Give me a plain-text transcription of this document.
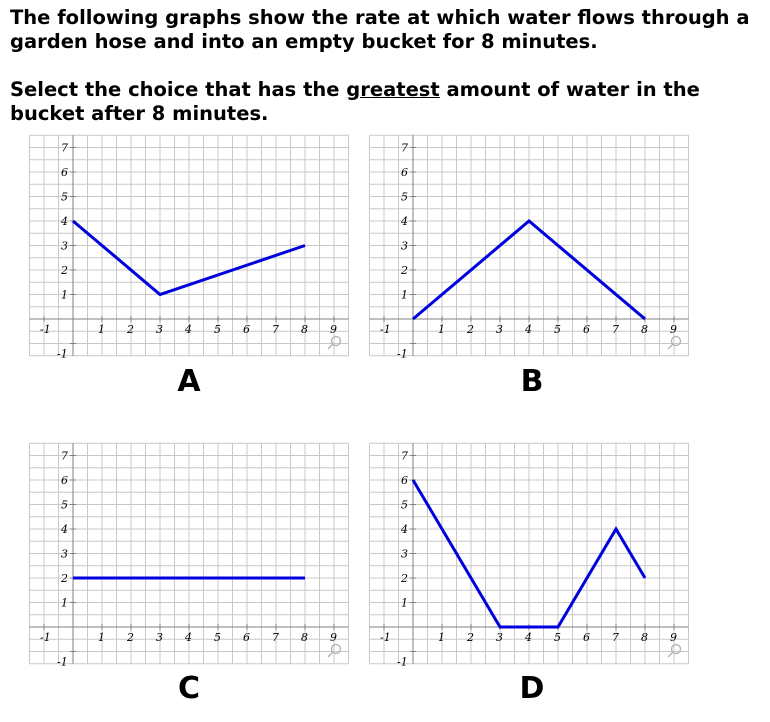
The following graphs show the rate at which water flows through a garden hose and into an empty bucket for 8 minutes.

Select the choice that has the greatest amount of water in the bucket after 8 minutes.

-1	1 2 3 4 5 6 7 8 9
-1
1
2
3
4
5
6
7
-1	1 2 3 4 5 6 7 8 9
-1
1
2
3
4
5
6
7
-1	1 2 3 4 5 6 7 8 9
-1
1
2
3
4
5
6
7
-1	1 2 3 4 5 6 7 8 9
-1
1
2
3
4
5
6
7
A	B
C	D
